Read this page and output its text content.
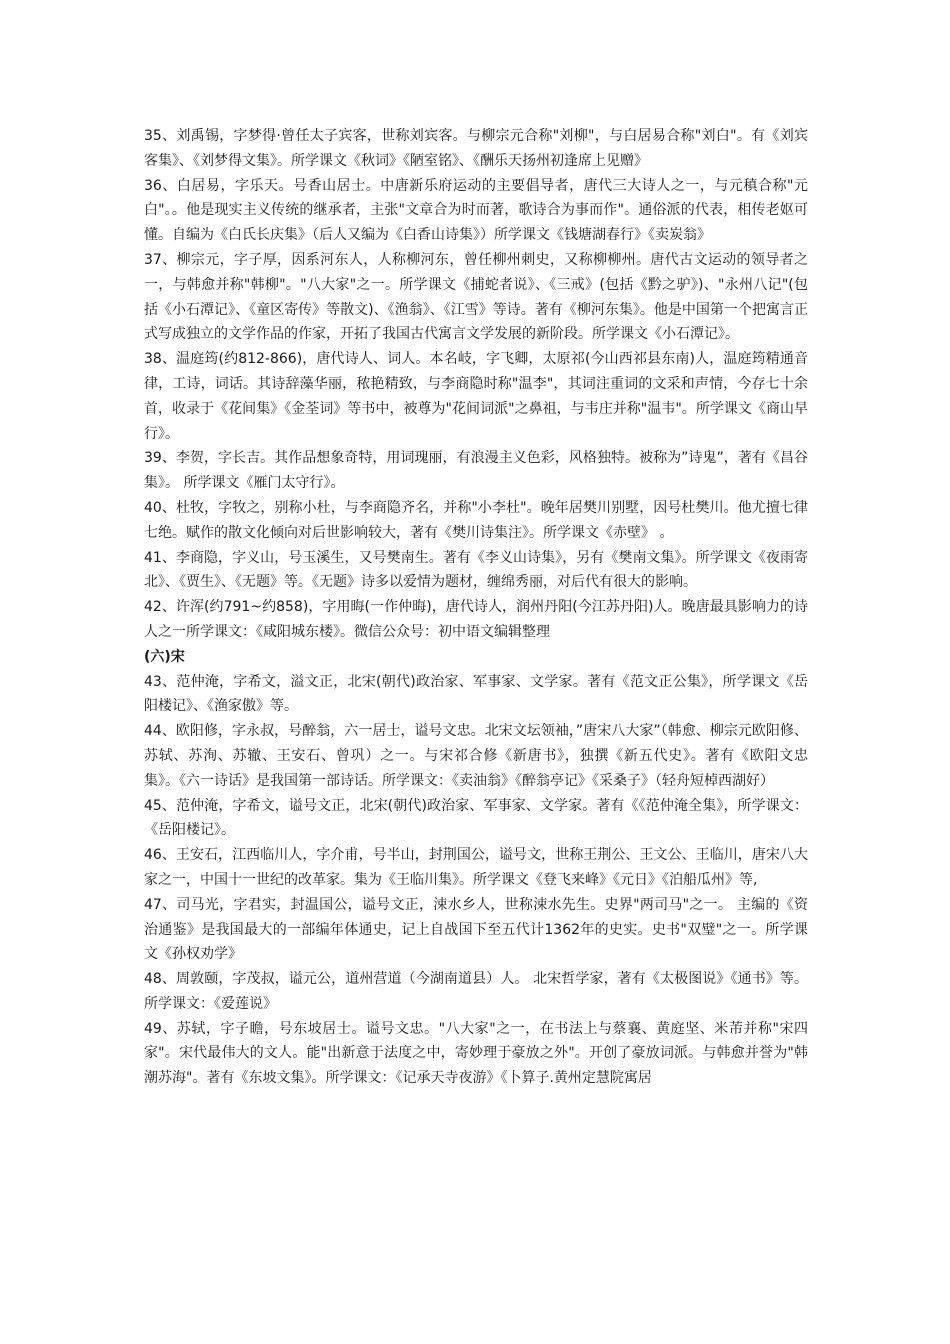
35、刘禹锡，字梦得·曾任太子宾客，世称刘宾客。与柳宗元合称"刘柳"，与白居易合称"刘白"。有《刘宾客集》、《刘梦得文集》。所学课文《秋词》《陋室铭》、《酬乐天扬州初逢席上见赠》

36、白居易，字乐天。号香山居士。中唐新乐府运动的主要倡导者，唐代三大诗人之一，与元稹合称"元白"。。他是现实主义传统的继承者，主张"文章合为时而著，歌诗合为事而作"。通俗派的代表，相传老妪可懂。自编为《白氏长庆集》（后人又编为《白香山诗集》）所学课文《钱塘湖春行》《卖炭翁》

37、柳宗元，字子厚，因系河东人，人称柳河东，曾任柳州刺史，又称柳柳州。唐代古文运动的领导者之一，与韩愈并称"韩柳"。"八大家"之一。所学课文《捕蛇者说》、《三戒》(包括《黔之驴》)、"永州八记"(包括《小石潭记》、《童区寄传》等散文)、《渔翁》、《江雪》等诗。著有《柳河东集》。他是中国第一个把寓言正式写成独立的文学作品的作家，开拓了我国古代寓言文学发展的新阶段。所学课文《小石潭记》。

38、温庭筠(约812-866)，唐代诗人、词人。本名岐，字飞卿，太原祁(今山西祁县东南)人，温庭筠精通音律，工诗，词话。其诗辞藻华丽，秾艳精致，与李商隐时称"温李"，其词注重词的文采和声情，今存七十余首，收录于《花间集》《金荃词》等书中，被尊为"花间词派"之鼻祖，与韦庄并称"温韦"。所学课文《商山早行》。

39、李贺，字长吉。其作品想象奇特，用词瑰丽，有浪漫主义色彩，风格独特。被称为”诗鬼”，著有《昌谷集》。 所学课文《雁门太守行》。

40、杜牧，字牧之，别称小杜，与李商隐齐名，并称"小李杜"。晚年居樊川别墅，因号杜樊川。他尤擅七律七绝。赋作的散文化倾向对后世影响较大，著有《樊川诗集注》。所学课文《赤壁》 。

41、李商隐，字义山，号玉溪生，又号樊南生。著有《李义山诗集》，另有《樊南文集》。所学课文《夜雨寄北》、《贾生》、《无题》等。《无题》诗多以爱情为题材，缠绵秀丽，对后代有很大的影响。

42、许浑(约791~约858)，字用晦(一作仲晦)，唐代诗人，润州丹阳(今江苏丹阳)人。晚唐最具影响力的诗人之一所学课文：《咸阳城东楼》。微信公众号：初中语文编辑整理

(六)宋

43、范仲淹，字希文，溢文正，北宋(朝代)政治家、军事家、文学家。著有《范文正公集》，所学课文《岳阳楼记》、《渔家傲》等。

44、欧阳修，字永叔，号醉翁，六一居士，谥号文忠。北宋文坛领袖，”唐宋八大家”（韩愈、柳宗元欧阳修、苏轼、苏洵、苏辙、王安石、曾巩）之一。与宋祁合修《新唐书》，独撰《新五代史》。著有《欧阳文忠集》。《六一诗话》是我国第一部诗话。所学课文：《卖油翁》《醉翁亭记》《采桑子》（轻舟短棹西湖好）

45、范仲淹，字希文，谥号文正，北宋(朝代)政治家、军事家、文学家。著有《《范仲淹全集》，所学课文：《岳阳楼记》。

46、王安石，江西临川人，字介甫，号半山，封荆国公，谥号文，世称王荆公、王文公、王临川，唐宋八大家之一，中国十一世纪的改革家。集为《王临川集》。所学课文《登飞来峰》《元日》《泊船瓜州》等,

47、司马光，字君实，封温国公，谥号文正，涑水乡人，世称涑水先生。史界"两司马"之一。 主编的《资治通鉴》是我国最大的一部编年体通史，记上自战国下至五代计1362年的史实。史书"双璧"之一。所学课文《孙权劝学》

48、周敦颐，字茂叔，谥元公，道州营道（今湖南道县）人。 北宋哲学家，著有《太极图说》《通书》等。所学课文：《爱莲说》

49、苏轼，字子瞻，号东坡居士。谥号文忠。"八大家"之一，在书法上与蔡襄、黄庭坚、米芾并称"宋四家"。宋代最伟大的文人。能"出新意于法度之中，寄妙理于豪放之外"。开创了豪放词派。与韩愈并誉为"韩潮苏海"。著有《东坡文集》。所学课文：《记承天寺夜游》《卜算子.黄州定慧院寓居
